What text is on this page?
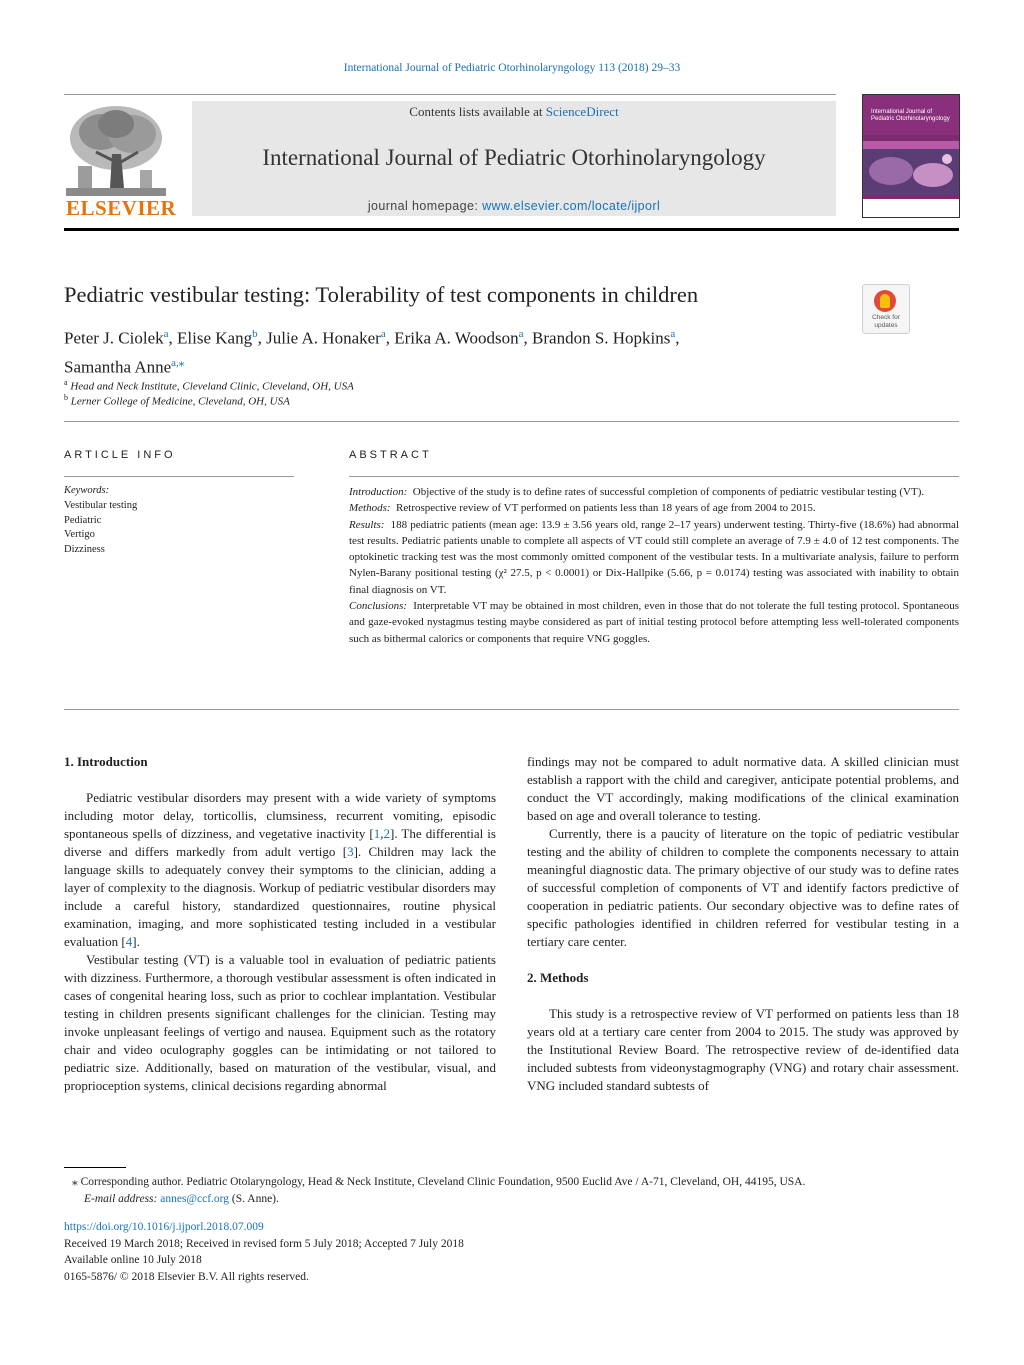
International Journal of Pediatric Otorhinolaryngology 113 (2018) 29–33
Contents lists available at ScienceDirect
International Journal of Pediatric Otorhinolaryngology
journal homepage: www.elsevier.com/locate/ijporl
ELSEVIER
International Journal of Pediatric Otorhinolaryngology
Pediatric vestibular testing: Tolerability of test components in children
Check for updates
Peter J. Ciolek$^a$, Elise Kang$^b$, Julie A. Honaker$^a$, Erika A. Woodson$^a$, Brandon S. Hopkins$^a$,
Samantha Anne$^{a,⁎}$
$^a$ Head and Neck Institute, Cleveland Clinic, Cleveland, OH, USA
$^b$ Lerner College of Medicine, Cleveland, OH, USA
ARTICLE INFO	ABSTRACT
Keywords:
Vestibular testing
Pediatric
Vertigo
Dizziness

Introduction: Objective of the study is to define rates of successful completion of components of pediatric vestibular testing (VT).

Methods: Retrospective review of VT performed on patients less than 18 years of age from 2004 to 2015.

Results: 188 pediatric patients (mean age: 13.9 ± 3.56 years old, range 2–17 years) underwent testing. Thirty-five (18.6%) had abnormal test results. Pediatric patients unable to complete all aspects of VT could still complete an average of 7.9 ± 4.0 of 12 test components. The optokinetic tracking test was the most commonly omitted component of the vestibular tests. In a multivariate analysis, failure to perform Nylen-Barany positional testing (χ² 27.5, p < 0.0001) or Dix-Hallpike (5.66, p = 0.0174) testing was associated with inability to obtain final diagnosis on VT.

Conclusions: Interpretable VT may be obtained in most children, even in those that do not tolerate the full testing protocol. Spontaneous and gaze-evoked nystagmus testing maybe considered as part of initial testing protocol before attempting less well-tolerated components such as bithermal calorics or components that require VNG goggles.

1. Introduction

Pediatric vestibular disorders may present with a wide variety of symptoms including motor delay, torticollis, clumsiness, recurrent vomiting, episodic spontaneous spells of dizziness, and vegetative inactivity [1,2]. The differential is diverse and differs markedly from adult vertigo [3]. Children may lack the language skills to adequately convey their symptoms to the clinician, adding a layer of complexity to the diagnosis. Workup of pediatric vestibular disorders may include a careful history, standardized questionnaires, routine physical examination, imaging, and more sophisticated testing included in a vestibular evaluation [4].

Vestibular testing (VT) is a valuable tool in evaluation of pediatric patients with dizziness. Furthermore, a thorough vestibular assessment is often indicated in cases of congenital hearing loss, such as prior to cochlear implantation. Vestibular testing in children presents significant challenges for the clinician. Testing may invoke unpleasant feelings of vertigo and nausea. Equipment such as the rotatory chair and video oculography goggles can be intimidating or not tailored to pediatric size. Additionally, based on maturation of the vestibular, visual, and proprioception systems, clinical decisions regarding abnormal

findings may not be compared to adult normative data. A skilled clinician must establish a rapport with the child and caregiver, anticipate potential problems, and conduct the VT accordingly, making modifications of the clinical examination based on age and overall tolerance to testing.

Currently, there is a paucity of literature on the topic of pediatric vestibular testing and the ability of children to complete the components necessary to attain meaningful diagnostic data. The primary objective of our study was to define rates of successful completion of components of VT and identify factors predictive of cooperation in pediatric patients. Our secondary objective was to define rates of specific pathologies identified in children referred for vestibular testing in a tertiary care center.

2. Methods

This study is a retrospective review of VT performed on patients less than 18 years old at a tertiary care center from 2004 to 2015. The study was approved by the Institutional Review Board. The retrospective review of de-identified data included subtests from videonystagmography (VNG) and rotary chair assessment. VNG included standard subtests of

⁎ Corresponding author. Pediatric Otolaryngology, Head & Neck Institute, Cleveland Clinic Foundation, 9500 Euclid Ave / A-71, Cleveland, OH, 44195, USA.
E-mail address: annes@ccf.org (S. Anne).
https://doi.org/10.1016/j.ijporl.2018.07.009
Received 19 March 2018; Received in revised form 5 July 2018; Accepted 7 July 2018
Available online 10 July 2018
0165-5876/ © 2018 Elsevier B.V. All rights reserved.
